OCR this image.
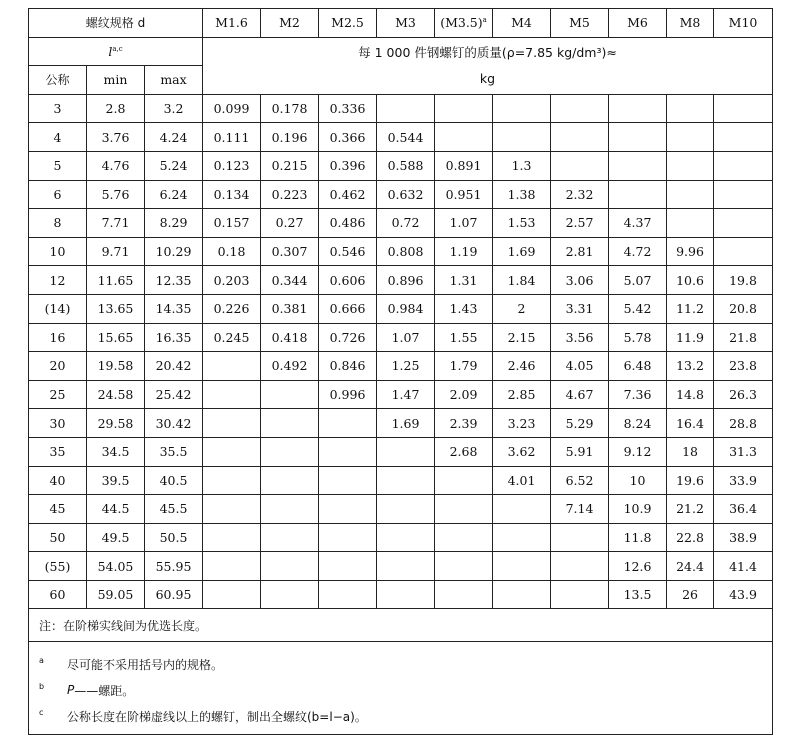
螺纹规格 d			M1.6	M2	M2.5	M3	$(M3.5)^a$	M4	M5	M6	M8	M10
$l^{a,c}$			每 1 000 件钢螺钉的质量(ρ=7.85 kg/dm³)≈
kg									

公称	min	max										
3	2.8	3.2	0.099	0.178	0.336							
4	3.76	4.24	0.111	0.196	0.366	0.544						
5	4.76	5.24	0.123	0.215	0.396	0.588	0.891	1.3				
6	5.76	6.24	0.134	0.223	0.462	0.632	0.951	1.38	2.32			
8	7.71	8.29	0.157	0.27	0.486	0.72	1.07	1.53	2.57	4.37		
10	9.71	10.29	0.18	0.307	0.546	0.808	1.19	1.69	2.81	4.72	9.96	
12	11.65	12.35	0.203	0.344	0.606	0.896	1.31	1.84	3.06	5.07	10.6	19.8
(14)	13.65	14.35	0.226	0.381	0.666	0.984	1.43	2	3.31	5.42	11.2	20.8
16	15.65	16.35	0.245	0.418	0.726	1.07	1.55	2.15	3.56	5.78	11.9	21.8
20	19.58	20.42		0.492	0.846	1.25	1.79	2.46	4.05	6.48	13.2	23.8
25	24.58	25.42			0.996	1.47	2.09	2.85	4.67	7.36	14.8	26.3
30	29.58	30.42				1.69	2.39	3.23	5.29	8.24	16.4	28.8
35	34.5	35.5					2.68	3.62	5.91	9.12	18	31.3
40	39.5	40.5						4.01	6.52	10	19.6	33.9
45	44.5	45.5							7.14	10.9	21.2	36.4
50	49.5	50.5								11.8	22.8	38.9
(55)	54.05	55.95								12.6	24.4	41.4
60	59.05	60.95								13.5	26	43.9
注：在阶梯实线间为优选长度。
a	尽可能不采用括号内的规格。
b	P ——螺距。
c	公称长度在阶梯虚线以上的螺钉，制出全螺纹(b=l−a)。
